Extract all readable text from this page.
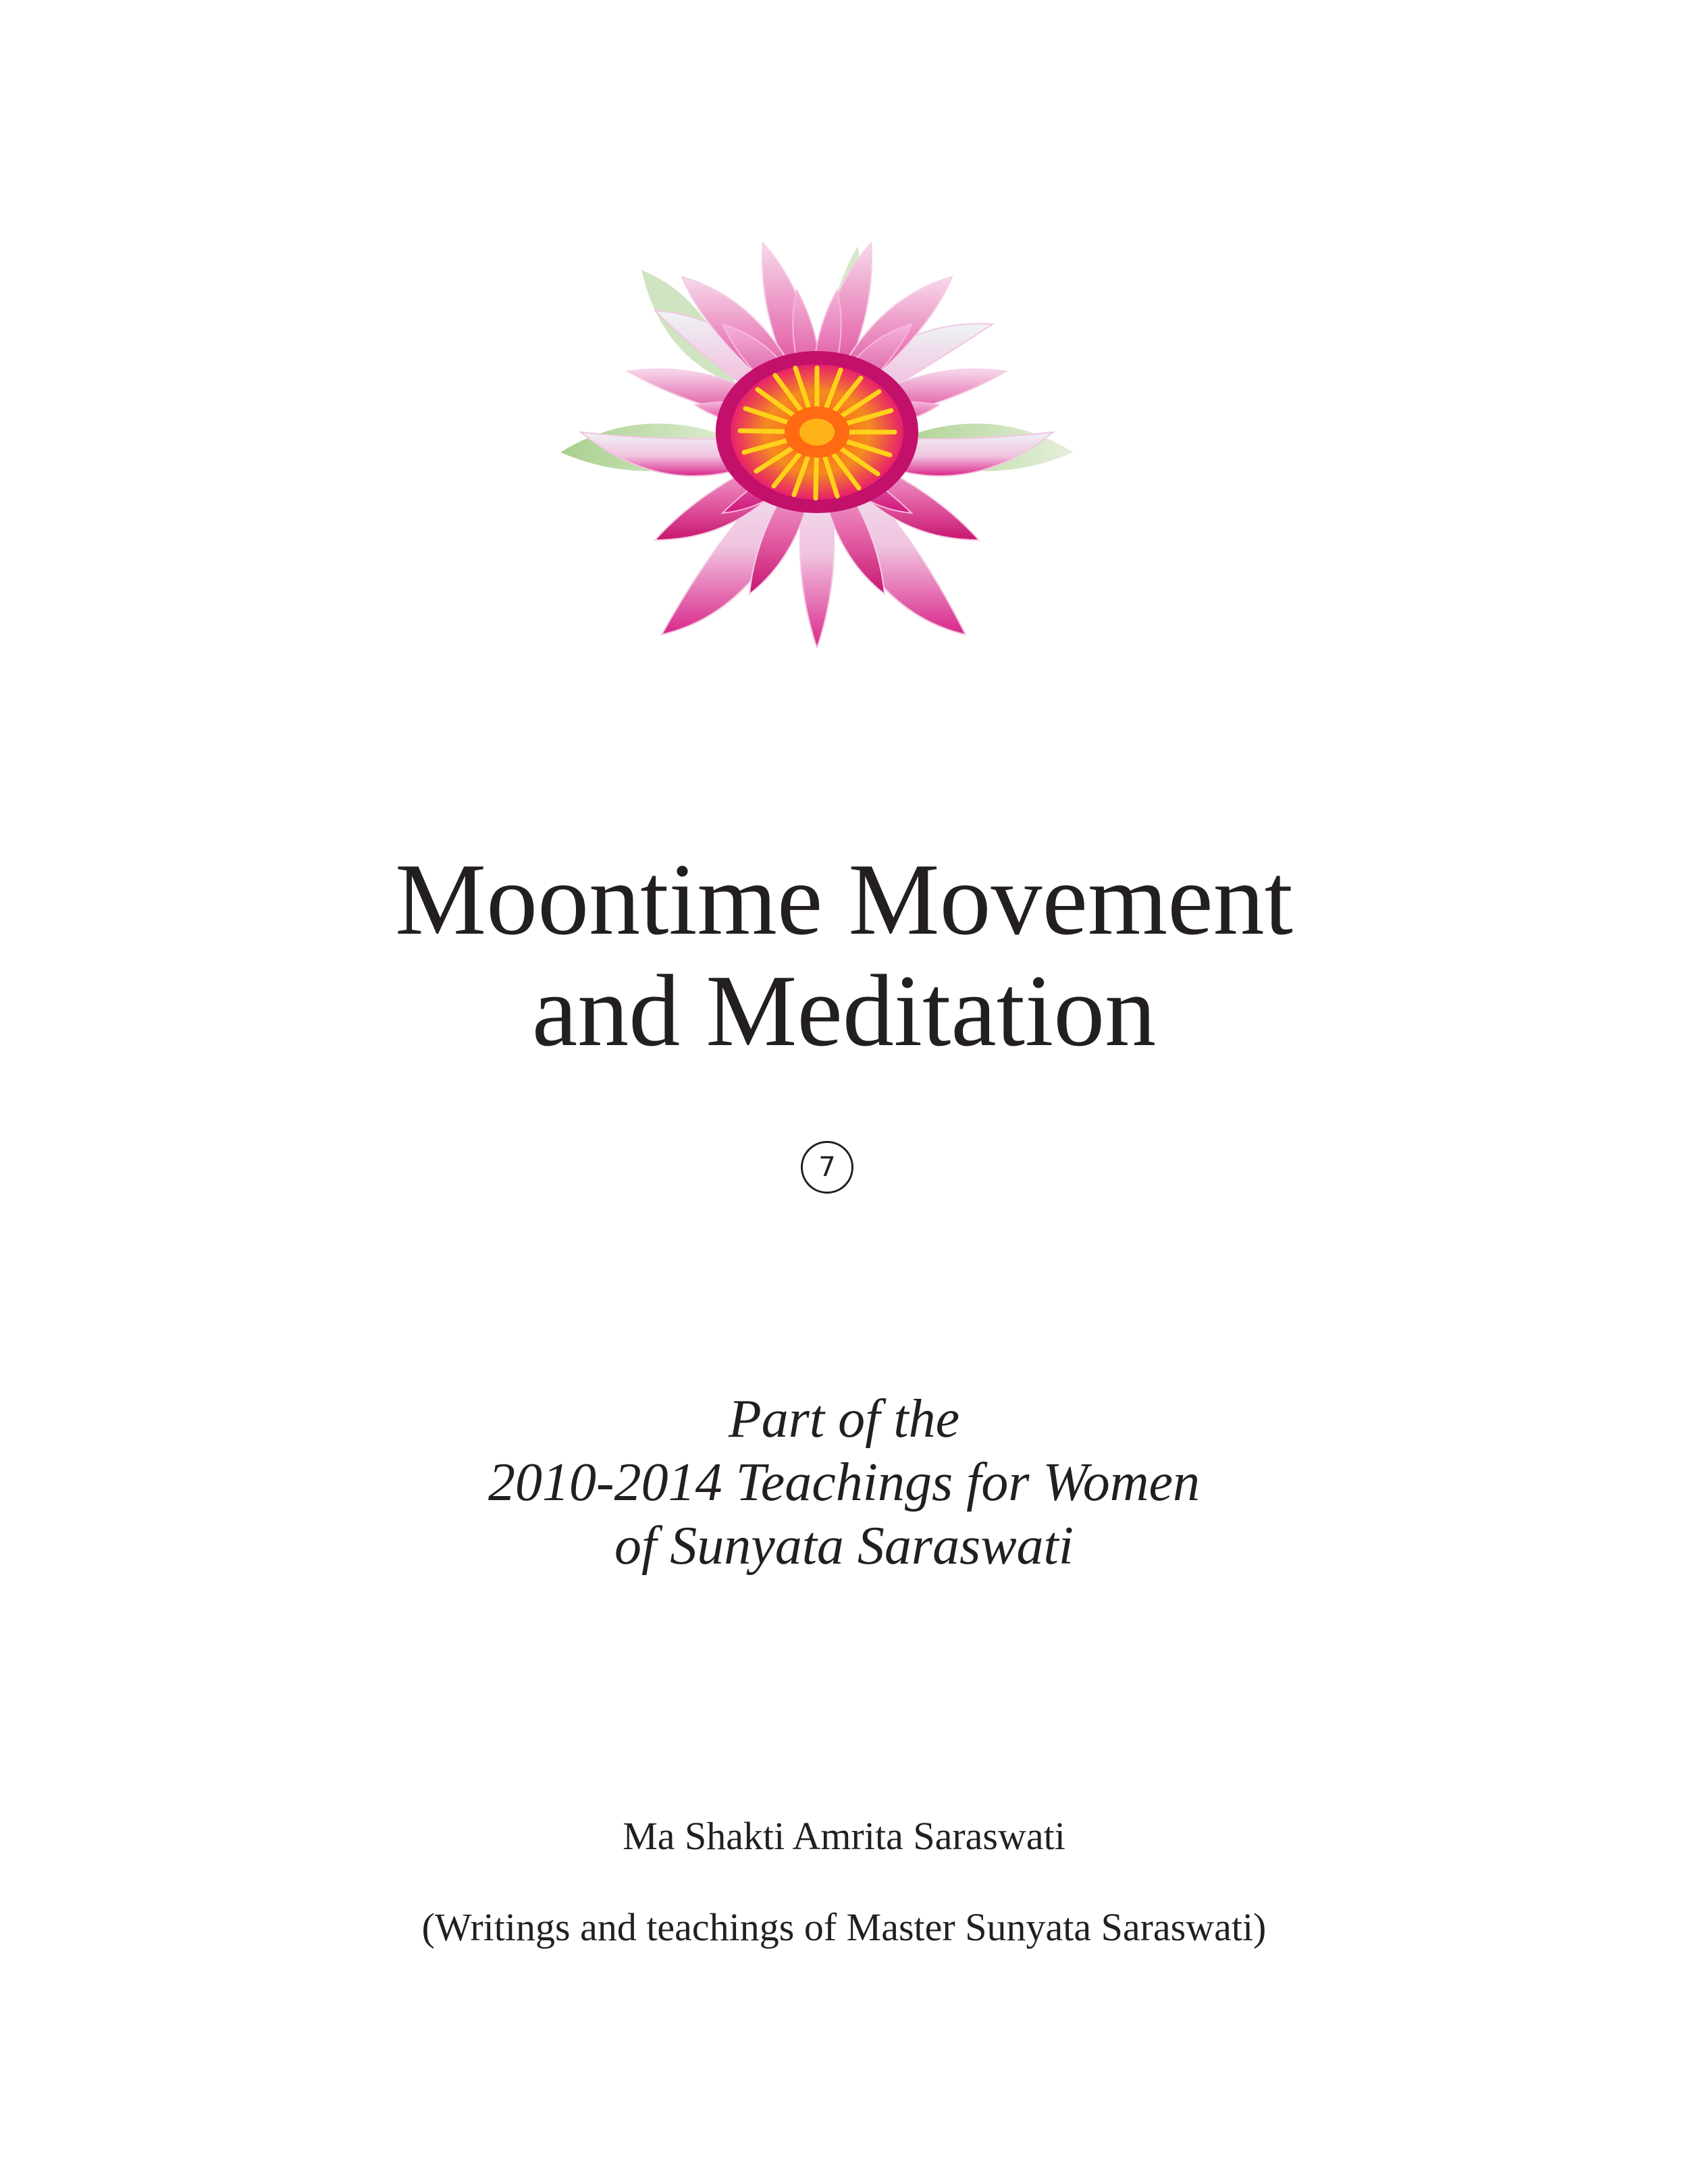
Moontime Movement
and Meditation
7
Part of the
2010-2014 Teachings for Women
of Sunyata Saraswati
Ma Shakti Amrita Saraswati
(Writings and teachings of Master Sunyata Saraswati)
